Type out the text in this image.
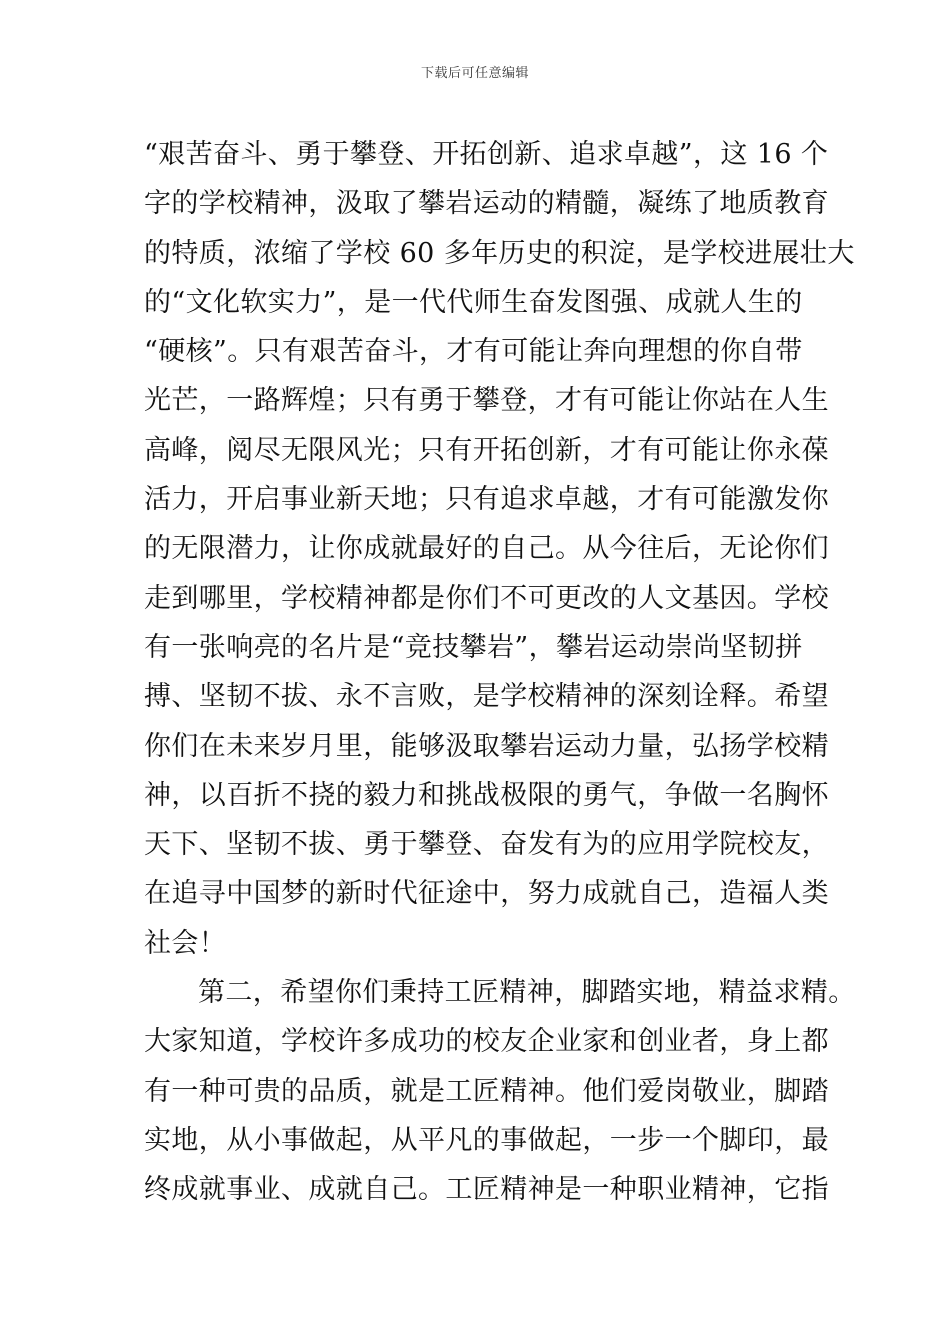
下载后可任意编辑
“艰苦奋斗、勇于攀登、开拓创新、追求卓越”，这 16 个
字的学校精神，汲取了攀岩运动的精髓，凝练了地质教育
的特质，浓缩了学校 60 多年历史的积淀，是学校进展壮大
的“文化软实力”，是一代代师生奋发图强、成就人生的
“硬核”。只有艰苦奋斗，才有可能让奔向理想的你自带
光芒，一路辉煌；只有勇于攀登，才有可能让你站在人生
高峰，阅尽无限风光；只有开拓创新，才有可能让你永葆
活力，开启事业新天地；只有追求卓越，才有可能激发你
的无限潜力，让你成就最好的自己。从今往后，无论你们
走到哪里，学校精神都是你们不可更改的人文基因。学校
有一张响亮的名片是“竞技攀岩”，攀岩运动崇尚坚韧拼
搏、坚韧不拔、永不言败，是学校精神的深刻诠释。希望
你们在未来岁月里，能够汲取攀岩运动力量，弘扬学校精
神，以百折不挠的毅力和挑战极限的勇气，争做一名胸怀
天下、坚韧不拔、勇于攀登、奋发有为的应用学院校友，
在追寻中国梦的新时代征途中，努力成就自己，造福人类
社会！
第二，希望你们秉持工匠精神，脚踏实地，精益求精。
大家知道，学校许多成功的校友企业家和创业者，身上都
有一种可贵的品质，就是工匠精神。他们爱岗敬业，脚踏
实地，从小事做起，从平凡的事做起，一步一个脚印，最
终成就事业、成就自己。工匠精神是一种职业精神，它指
